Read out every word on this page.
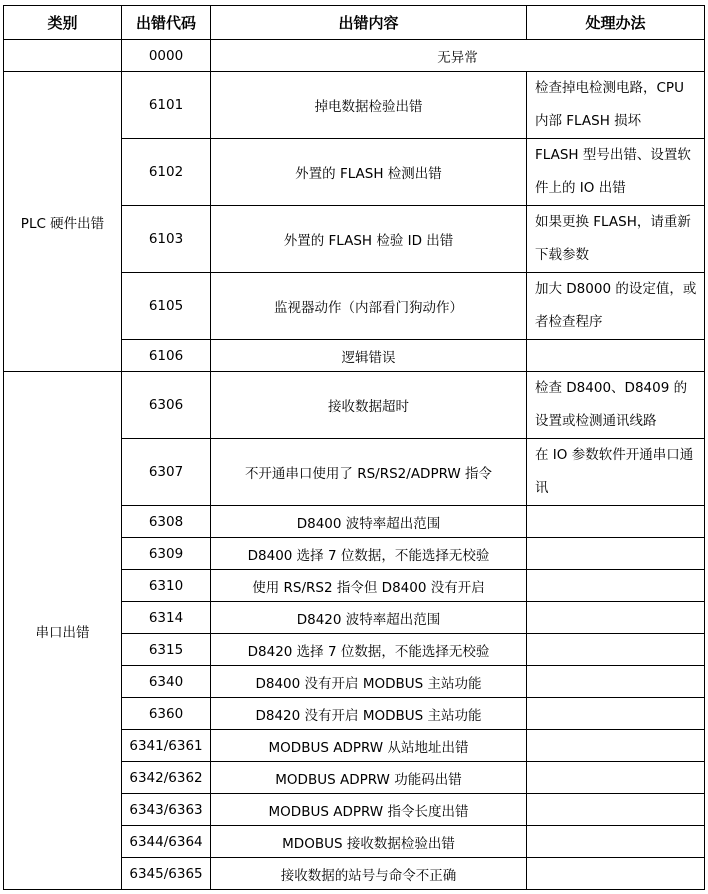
类别	出错代码	出错内容	处理办法
	0000	无异常	
PLC 硬件出错	6101	掉电数据检验出错	检查掉电检测电路，CPU 内部 FLASH 损坏
	6102	外置的 FLASH 检测出错	FLASH 型号出错、设置软件上的 IO 出错
	6103	外置的 FLASH 检验 ID 出错	如果更换 FLASH，请重新下载参数
	6105	监视器动作（内部看门狗动作）	加大 D8000 的设定值，或者检查程序
	6106	逻辑错误	
串口出错	6306	接收数据超时	检查 D8400、D8409 的设置或检测通讯线路
	6307	不开通串口使用了 RS/RS2/ADPRW 指令	在 IO 参数软件开通串口通讯
	6308	D8400 波特率超出范围	
	6309	D8400 选择 7 位数据，不能选择无校验	
	6310	使用 RS/RS2 指令但 D8400 没有开启	
	6314	D8420 波特率超出范围	
	6315	D8420 选择 7 位数据，不能选择无校验	
	6340	D8400 没有开启 MODBUS 主站功能	
	6360	D8420 没有开启 MODBUS 主站功能	
	6341/6361	MODBUS ADPRW 从站地址出错	
	6342/6362	MODBUS ADPRW 功能码出错	
	6343/6363	MODBUS ADPRW 指令长度出错	
	6344/6364	MDOBUS 接收数据检验出错	
	6345/6365	接收数据的站号与命令不正确	
